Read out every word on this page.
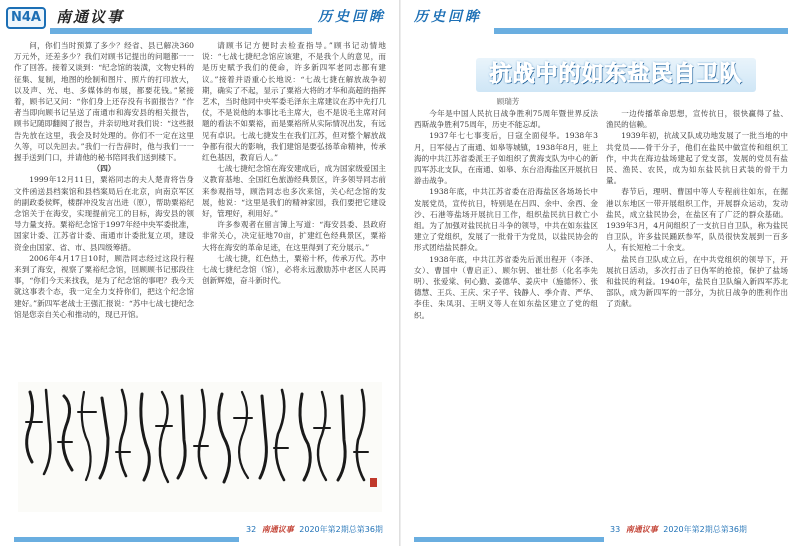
N4A	南通议事	历史回眸

问，你们当时预算了多少？经省、县已解决360万元外，还差多少？我们对顾书记提出的问题都一一作了回答。接着又谈到：“纪念馆的装潢，文物史料的征集、复制，地图的绘制和图片、照片的打印放大，以及声、光、电、多媒体的布展，都要花钱。”紧接着，顾书记又问：“你们身上还存没有书面报告？”作者当即向顾书记呈送了南通市和海安县的相关报告，顾书记随即翻阅了报告，并亲切地对我们说：“这些报告先放在这里，我会及时处理的。你们不一定在这里久等，可以先回去。”我们一行告辞时，他与我们一一握手送到门口，并请他的秘书陪同我们送到楼下。

（四）

1999年12月11日，粟裕同志的夫人楚青将告身文件函送县档案馆和县档案局后在北京，向南京军区的副政委侯辉，楼群冲没发言出进（原），帮助粟裕纪念馆关于在海安，实现提前完工的目标，海安县的领导力量支持。粟裕纪念馆于1997年经中央军委批准，国家计委、江苏省计委、南通市计委批复立项，建设资金由国家、省、市、县四级筹措。

2006年4月17日10时，顾浩同志经过这段行程来到了海安，视察了粟裕纪念馆，回顾顾书记那段往事，“你们今天来找我，是为了纪念馆的事吧？我今天就这事表个态，我一定全力支持你们，把这个纪念馆建好。”新四军老战士王强汇报说：“苏中七战七捷纪念馆是您亲自关心和推动的，现已开馆。

请顾书记方便时去检查指导。”顾书记动情地说：“七战七捷纪念馆应该建，不是我个人的意见，而是历史赋予我们的使命，许多新四军老同志都有建议。”接着并语重心长地说：“七战七捷在解放战争初期，确实了不起，显示了粟裕大将的才华和高超的指挥艺术，当时他同中央军委毛泽东主席建议在苏中先打几仗，不是说他的本事比毛主席大，也不是说毛主席对问题的看法不如粟裕，而是粟裕所从实际情况出发，有远见有卓识。七战七捷发生在我们江苏，但对整个解放战争都有很大的影响，我们建馆是要弘扬革命精神，传承红色基因，教育后人。”

七战七捷纪念馆在海安建成后，成为国家级爱国主义教育基地、全国红色旅游经典景区，许多领导同志前来参观指导，顾浩同志也多次来馆，关心纪念馆的发展，他说：“这里是我们的精神家园，我们要把它建设好，管理好，利用好。”

许多参观者在留言簿上写道：“海安县委、县政府非常关心，决定征地70亩，扩建红色经典景区，粟裕大将在海安的革命足迹，在这里得到了充分展示。”

七战七捷，红色热土，粟裕十杯，传承万代。苏中七战七捷纪念馆（馆），必将永远激励苏中老区人民再创新辉煌，奋斗新时代。

32 南通议事 2020年第2期总第36期
历史回眸
抗战中的如东盐民自卫队
顾瑞芳

今年是中国人民抗日战争胜利75周年暨世界反法西斯战争胜利75周年，历史不能忘却。

1937年七七事变后，日寇全面侵华。1938年3月，日军侵占了南通、如皋等城镇，1938年8月，驻上海的中共江苏省委派王子如组织了黄海支队为中心的新四军苏北支队，在南通、如皋、东台沿海盐区开展抗日游击战争。

1938年底，中共江苏省委在沿海盐区各场场长中发展党员，宣传抗日，特别是在吕四、余中、余西、金沙、石港等盐场开展抗日工作，组织盐民抗日救亡小组。为了加强对盐民抗日斗争的领导，中共在如东盐区建立了党组织，发展了一批骨干为党员，以盐民协会的形式团结盐民群众。

1938年底，中共江苏省委先后派出程开（李泽、女）、曹国中（曹启正）、顾尔钥、崔壮彭（化名李先明）、张爱棠、何心勤、姜德华、姜庆中（施德怀）、张德慧、王兵、王庆、宋子平、钱静人、季介青、严华、李佳、朱凤羽、王明义等人在如东盐区建立了党的组织。

一边传播革命思想，宣传抗日，很快赢得了盐、渔民的信赖。

1939年初，抗战又队成功地发展了一批当地的中共党员——骨干分子，他们在盐民中做宣传和组织工作，中共在海边盐场建起了党支部，发展的党员有盐民、渔民、农民，成为如东盐民抗日武装的骨干力量。

春节后，理明、曹国中等人专程前往如东，在掘港以东地区一带开展组织工作，开展群众运动，发动盐民，成立盐民协会，在盐区有了广泛的群众基础。1939年3月，4月间组织了一支抗日自卫队，称为盐民自卫队，许多盐民踊跃参军，队员很快发展到一百多人，有长短枪二十余支。

盐民自卫队成立后，在中共党组织的领导下，开展抗日活动，多次打击了日伪军的抢掠，保护了盐场和盐民的利益。1940年，盐民自卫队编入新四军苏北部队，成为新四军的一部分，为抗日战争的胜利作出了贡献。

33 南通议事 2020年第2期总第36期
